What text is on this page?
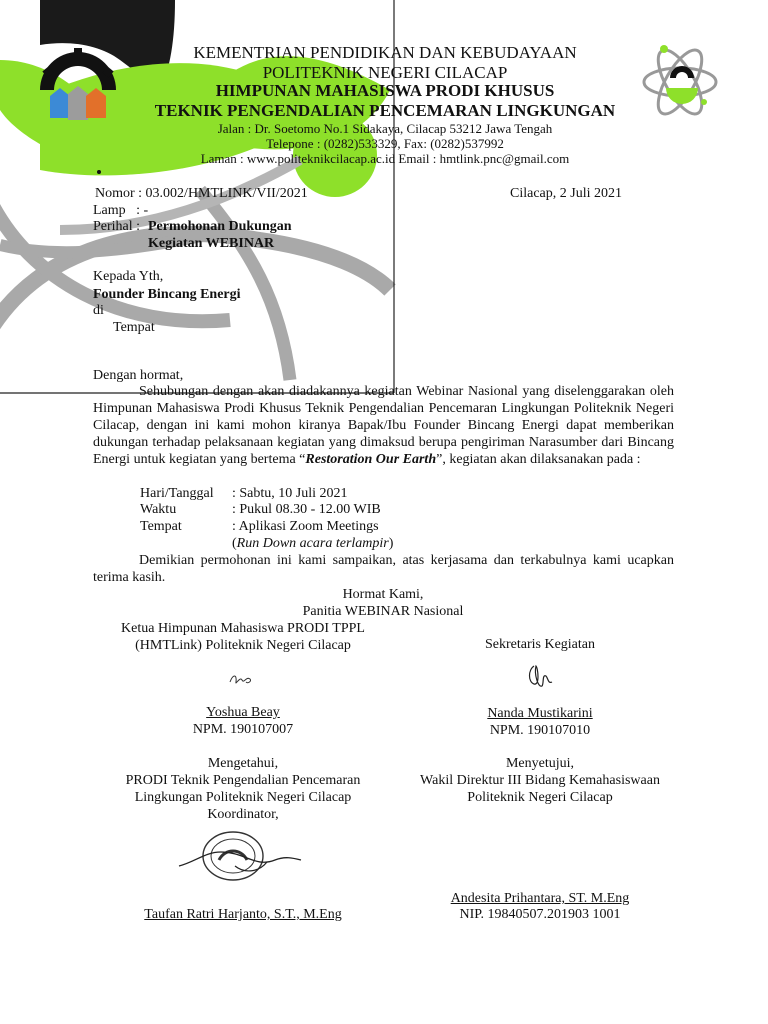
KEMENTRIAN PENDIDIKAN DAN KEBUDAYAAN
POLITEKNIK NEGERI CILACAP
HIMPUNAN MAHASISWA PRODI KHUSUS
TEKNIK PENGENDALIAN PENCEMARAN LINGKUNGAN
Jalan : Dr. Soetomo No.1 Sidakaya, Cilacap 53212 Jawa Tengah
Telepone : (0282)533329, Fax: (0282)537992
Laman : www.politeknikcilacap.ac.id Email : hmtlink.pnc@gmail.com
Nomor : 03.002/HMTLINK/VII/2021	Cilacap, 2 Juli 2021
Lamp   : -
Perihal : Permohonan Dukungan
Kegiatan WEBINAR
Kepada Yth,
Founder Bincang Energi
di
Tempat
Dengan hormat,
Sehubungan dengan akan diadakannya kegiatan Webinar Nasional yang diselenggarakan oleh Himpunan Mahasiswa Prodi Khusus Teknik Pengendalian Pencemaran Lingkungan Politeknik Negeri Cilacap, dengan ini kami mohon kiranya Bapak/Ibu Founder Bincang Energi dapat memberikan dukungan terhadap pelaksanaan kegiatan yang dimaksud berupa pengiriman Narasumber dari Bincang Energi untuk kegiatan yang bertema “Restoration Our Earth”, kegiatan akan dilaksanakan pada :
Hari/Tanggal : Sabtu, 10 Juli 2021
Waktu	: Pukul 08.30 - 12.00 WIB
Tempat	: Aplikasi Zoom Meetings
(Run Down acara terlampir)
Demikian permohonan ini kami sampaikan, atas kerjasama dan terkabulnya kami ucapkan terima kasih.
Hormat Kami,
Panitia WEBINAR Nasional
Ketua Himpunan Mahasiswa PRODI TPPL
(HMTLink) Politeknik Negeri Cilacap
Yoshua Beay
NPM. 190107007
Sekretaris Kegiatan
Nanda Mustikarini
NPM. 190107010
Mengetahui,
PRODI Teknik Pengendalian Pencemaran
Lingkungan Politeknik Negeri Cilacap
Koordinator,
Taufan Ratri Harjanto, S.T., M.Eng
Menyetujui,
Wakil Direktur III Bidang Kemahasiswaan
Politeknik Negeri Cilacap
Andesita Prihantara, ST. M.Eng
NIP. 19840507.201903 1001
